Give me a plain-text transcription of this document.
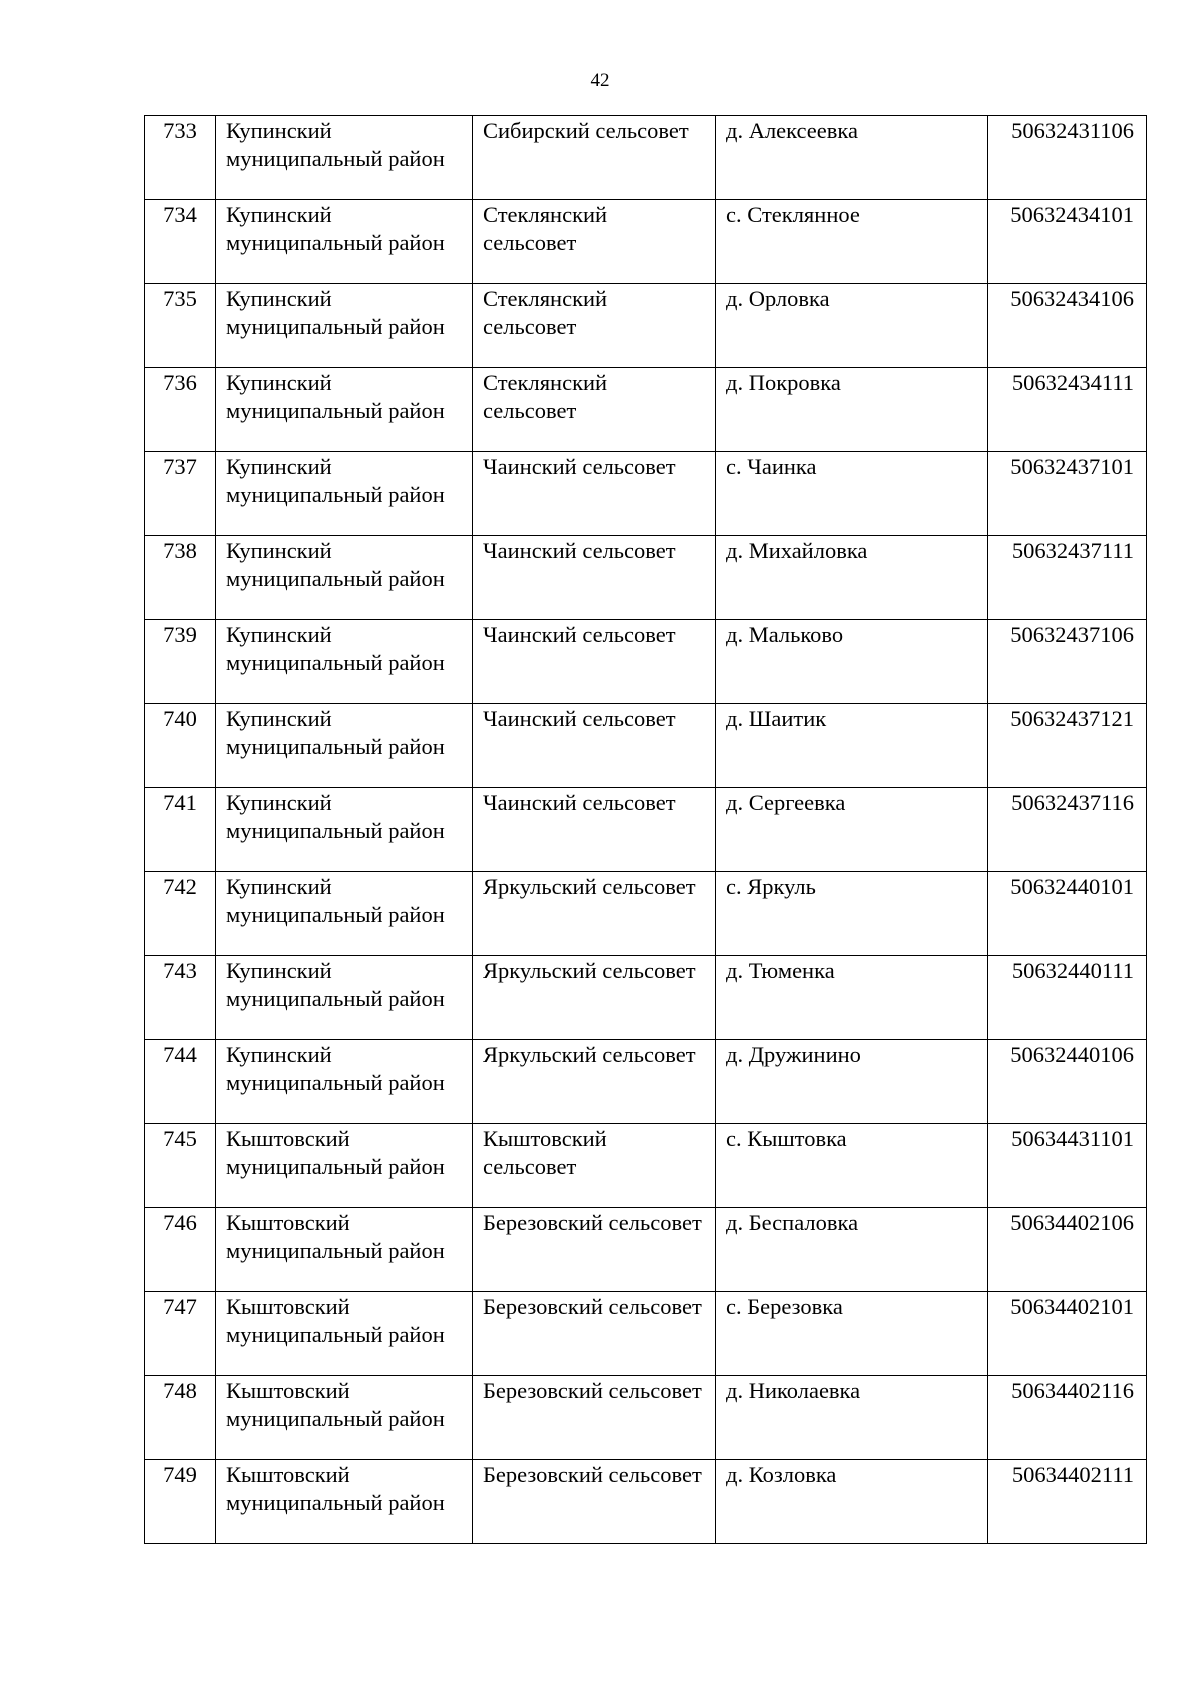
42
733	Купинский муниципальный район	Сибирский сельсовет	д. Алексеевка	50632431106
734	Купинский муниципальный район	Стеклянский сельсовет	с. Стеклянное	50632434101
735	Купинский муниципальный район	Стеклянский сельсовет	д. Орловка	50632434106
736	Купинский муниципальный район	Стеклянский сельсовет	д. Покровка	50632434111
737	Купинский муниципальный район	Чаинский сельсовет	с. Чаинка	50632437101
738	Купинский муниципальный район	Чаинский сельсовет	д. Михайловка	50632437111
739	Купинский муниципальный район	Чаинский сельсовет	д. Мальково	50632437106
740	Купинский муниципальный район	Чаинский сельсовет	д. Шаитик	50632437121
741	Купинский муниципальный район	Чаинский сельсовет	д. Сергеевка	50632437116
742	Купинский муниципальный район	Яркульский сельсовет	с. Яркуль	50632440101
743	Купинский муниципальный район	Яркульский сельсовет	д. Тюменка	50632440111
744	Купинский муниципальный район	Яркульский сельсовет	д. Дружинино	50632440106
745	Кыштовский муниципальный район	Кыштовский сельсовет	с. Кыштовка	50634431101
746	Кыштовский муниципальный район	Березовский сельсовет	д. Беспаловка	50634402106
747	Кыштовский муниципальный район	Березовский сельсовет	с. Березовка	50634402101
748	Кыштовский муниципальный район	Березовский сельсовет	д. Николаевка	50634402116
749	Кыштовский муниципальный район	Березовский сельсовет	д. Козловка	50634402111
